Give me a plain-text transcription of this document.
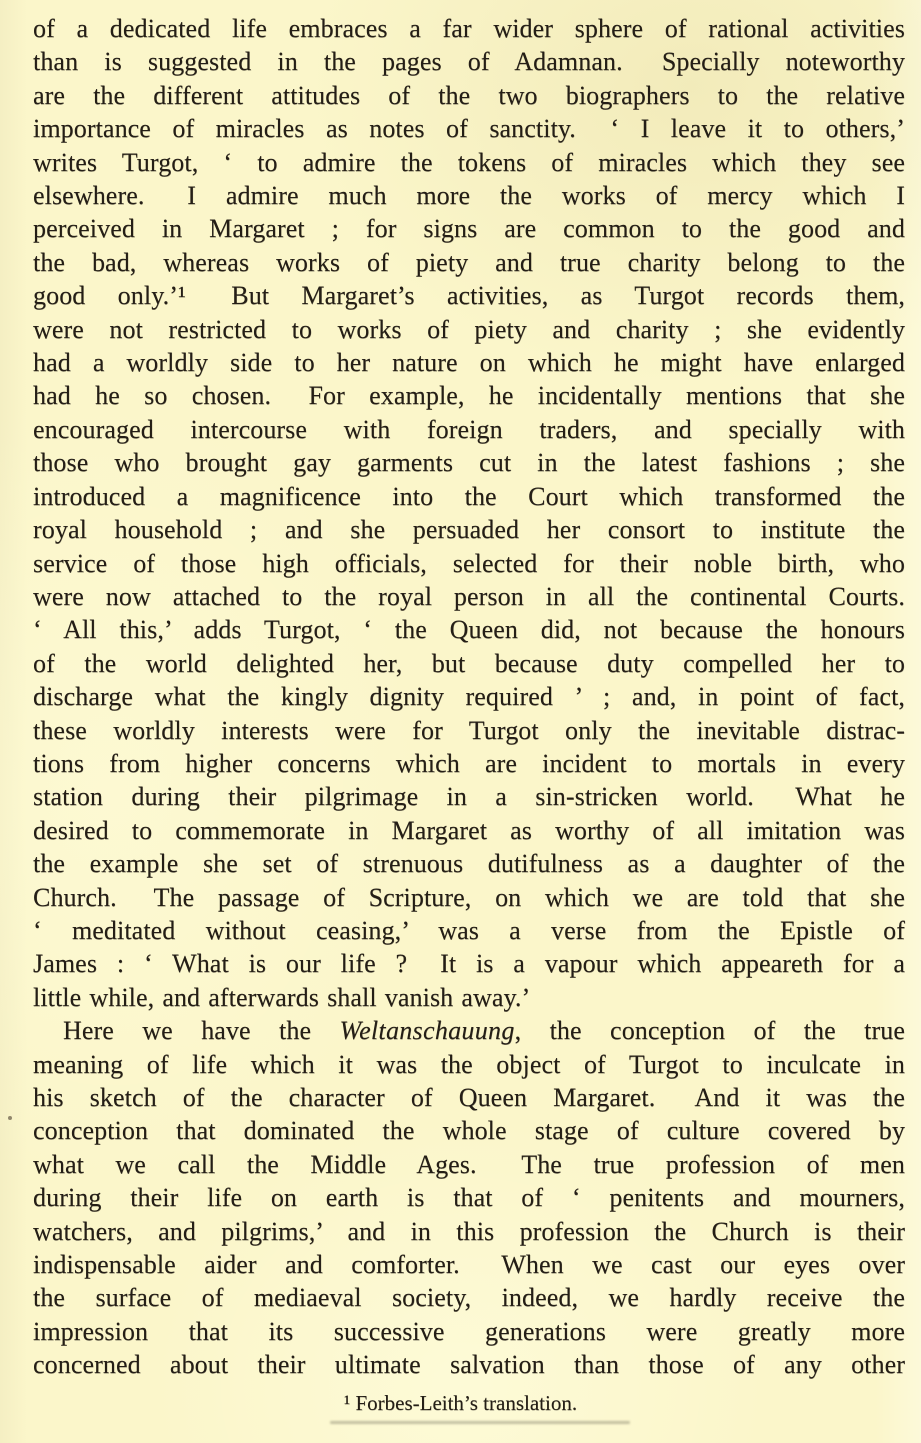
of a dedicated life embraces a far wider sphere of rational activities
than is suggested in the pages of Adamnan.  Specially noteworthy
are the different attitudes of the two biographers to the relative
importance of miracles as notes of sanctity.  ‘ I leave it to others,’
writes Turgot, ‘ to admire the tokens of miracles which they see
elsewhere.  I admire much more the works of mercy which I
perceived in Margaret ; for signs are common to the good and
the bad, whereas works of piety and true charity belong to the
good only.’¹  But Margaret’s activities, as Turgot records them,
were not restricted to works of piety and charity ; she evidently
had a worldly side to her nature on which he might have enlarged
had he so chosen.  For example, he incidentally mentions that she
encouraged intercourse with foreign traders, and specially with
those who brought gay garments cut in the latest fashions ; she
introduced a magnificence into the Court which transformed the
royal household ; and she persuaded her consort to institute the
service of those high officials, selected for their noble birth, who
were now attached to the royal person in all the continental Courts.
‘ All this,’ adds Turgot, ‘ the Queen did, not because the honours
of the world delighted her, but because duty compelled her to
discharge what the kingly dignity required ’ ; and, in point of fact,
these worldly interests were for Turgot only the inevitable distrac-
tions from higher concerns which are incident to mortals in every
station during their pilgrimage in a sin-stricken world.  What he
desired to commemorate in Margaret as worthy of all imitation was
the example she set of strenuous dutifulness as a daughter of the
Church.  The passage of Scripture, on which we are told that she
‘ meditated without ceasing,’ was a verse from the Epistle of
James : ‘ What is our life ?  It is a vapour which appeareth for a
little while, and afterwards shall vanish away.’
Here we have the Weltanschauung, the conception of the true
meaning of life which it was the object of Turgot to inculcate in
his sketch of the character of Queen Margaret.  And it was the
conception that dominated the whole stage of culture covered by
what we call the Middle Ages.  The true profession of men
during their life on earth is that of ‘ penitents and mourners,
watchers, and pilgrims,’ and in this profession the Church is their
indispensable aider and comforter.  When we cast our eyes over
the surface of mediaeval society, indeed, we hardly receive the
impression that its successive generations were greatly more
concerned about their ultimate salvation than those of any other
¹ Forbes-Leith’s translation.
